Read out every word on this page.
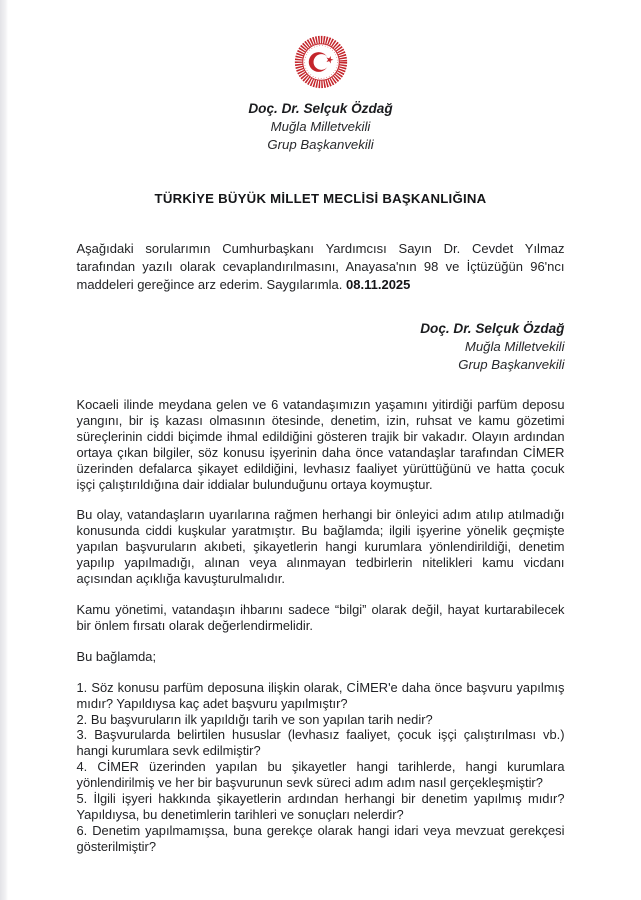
Doç. Dr. Selçuk Özdağ
Muğla Milletvekili
Grup Başkanvekili
TÜRKİYE BÜYÜK MİLLET MECLİSİ BAŞKANLIĞINA
Aşağıdaki sorularımın Cumhurbaşkanı Yardımcısı Sayın Dr. Cevdet Yılmaz tarafından yazılı olarak cevaplandırılmasını, Anayasa'nın 98 ve İçtüzüğün 96'ncı maddeleri gereğince arz ederim. Saygılarımla. 08.11.2025
Doç. Dr. Selçuk Özdağ
Muğla Milletvekili
Grup Başkanvekili

Kocaeli ilinde meydana gelen ve 6 vatandaşımızın yaşamını yitirdiği parfüm deposu yangını, bir iş kazası olmasının ötesinde, denetim, izin, ruhsat ve kamu gözetimi süreçlerinin ciddi biçimde ihmal edildiğini gösteren trajik bir vakadır. Olayın ardından ortaya çıkan bilgiler, söz konusu işyerinin daha önce vatandaşlar tarafından CİMER üzerinden defalarca şikayet edildiğini, levhasız faaliyet yürüttüğünü ve hatta çocuk işçi çalıştırıldığına dair iddialar bulunduğunu ortaya koymuştur.

Bu olay, vatandaşların uyarılarına rağmen herhangi bir önleyici adım atılıp atılmadığı konusunda ciddi kuşkular yaratmıştır. Bu bağlamda; ilgili işyerine yönelik geçmişte yapılan başvuruların akıbeti, şikayetlerin hangi kurumlara yönlendirildiği, denetim yapılıp yapılmadığı, alınan veya alınmayan tedbirlerin nitelikleri kamu vicdanı açısından açıklığa kavuşturulmalıdır.

Kamu yönetimi, vatandaşın ihbarını sadece “bilgi” olarak değil, hayat kurtarabilecek bir önlem fırsatı olarak değerlendirmelidir.

Bu bağlamda;

1. Söz konusu parfüm deposuna ilişkin olarak, CİMER'e daha önce başvuru yapılmış mıdır? Yapıldıysa kaç adet başvuru yapılmıştır?
2. Bu başvuruların ilk yapıldığı tarih ve son yapılan tarih nedir?
3. Başvurularda belirtilen hususlar (levhasız faaliyet, çocuk işçi çalıştırılması vb.) hangi kurumlara sevk edilmiştir?
4. CİMER üzerinden yapılan bu şikayetler hangi tarihlerde, hangi kurumlara yönlendirilmiş ve her bir başvurunun sevk süreci adım adım nasıl gerçekleşmiştir?
5. İlgili işyeri hakkında şikayetlerin ardından herhangi bir denetim yapılmış mıdır? Yapıldıysa, bu denetimlerin tarihleri ve sonuçları nelerdir?
6. Denetim yapılmamışsa, buna gerekçe olarak hangi idari veya mevzuat gerekçesi gösterilmiştir?
